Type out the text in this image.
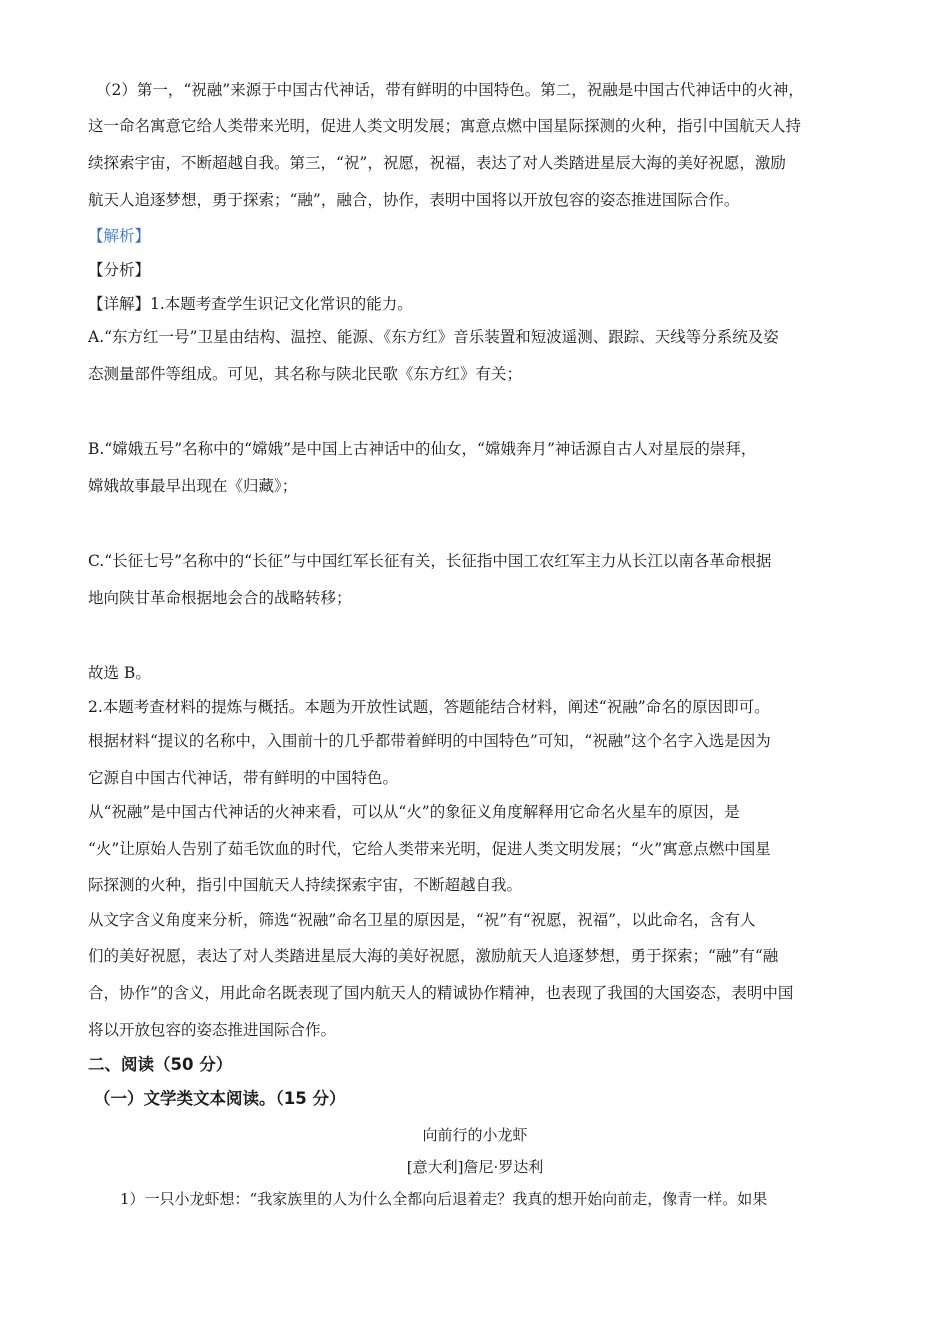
（2）第一，“祝融”来源于中国古代神话，带有鲜明的中国特色。第二，祝融是中国古代神话中的火神，
这一命名寓意它给人类带来光明，促进人类文明发展；寓意点燃中国星际探测的火种，指引中国航天人持
续探索宇宙，不断超越自我。第三，“祝”，祝愿，祝福，表达了对人类踏进星辰大海的美好祝愿，激励
航天人追逐梦想，勇于探索；“融”，融合，协作，表明中国将以开放包容的姿态推进国际合作。
【解析】
【分析】
【详解】1.本题考查学生识记文化常识的能力。
A.“东方红一号”卫星由结构、温控、能源、《东方红》音乐装置和短波遥测、跟踪、天线等分系统及姿
态测量部件等组成。可见，其名称与陕北民歌《东方红》有关；
B.“嫦娥五号”名称中的“嫦娥”是中国上古神话中的仙女，“嫦娥奔月”神话源自古人对星辰的崇拜，
嫦娥故事最早出现在《归藏》；
C.“长征七号”名称中的“长征”与中国红军长征有关，长征指中国工农红军主力从长江以南各革命根据
地向陕甘革命根据地会合的战略转移；
故选 B。
2.本题考查材料的提炼与概括。本题为开放性试题，答题能结合材料，阐述“祝融”命名的原因即可。
根据材料“提议的名称中，入围前十的几乎都带着鲜明的中国特色”可知，“祝融”这个名字入选是因为
它源自中国古代神话，带有鲜明的中国特色。
从“祝融”是中国古代神话的火神来看，可以从“火”的象征义角度解释用它命名火星车的原因，是
“火”让原始人告别了茹毛饮血的时代，它给人类带来光明，促进人类文明发展；“火”寓意点燃中国星
际探测的火种，指引中国航天人持续探索宇宙，不断超越自我。
从文字含义角度来分析，筛选“祝融”命名卫星的原因是，“祝”有“祝愿，祝福”，以此命名，含有人
们的美好祝愿，表达了对人类踏进星辰大海的美好祝愿，激励航天人追逐梦想，勇于探索；“融”有“融
合，协作”的含义，用此命名既表现了国内航天人的精诚协作精神，也表现了我国的大国姿态，表明中国
将以开放包容的姿态推进国际合作。
二、阅读（50 分）
（一）文学类文本阅读。（15 分）
向前行的小龙虾
[意大利]詹尼·罗达利
1）一只小龙虾想：“我家族里的人为什么全都向后退着走？我真的想开始向前走，像青一样。如果
